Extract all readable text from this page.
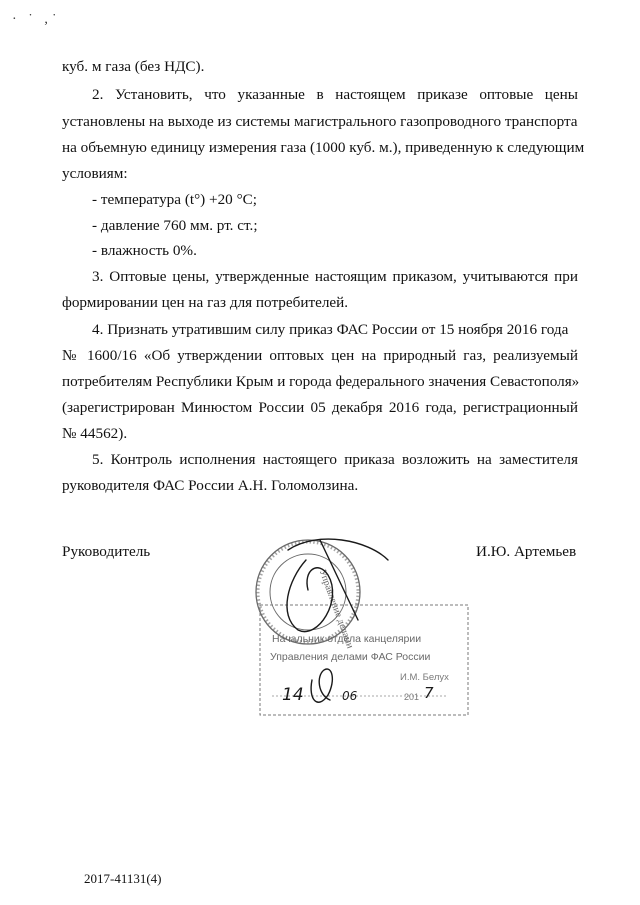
· ˙ ,˙
куб. м газа (без НДС).
2. Установить, что указанные в настоящем приказе оптовые цены
установлены на выходе из системы магистрального газопроводного транспорта
на объемную единицу измерения газа (1000 куб. м.), приведенную к следующим
условиям:
- температура (t°) +20 °С;
- давление 760 мм. рт. ст.;
- влажность 0%.
3. Оптовые цены, утвержденные настоящим приказом, учитываются при
формировании цен на газ для потребителей.
4. Признать утратившим силу приказ ФАС России от 15 ноября 2016 года
№ 1600/16 «Об утверждении оптовых цен на природный газ, реализуемый
потребителям Республики Крым и города федерального значения Севастополя»
(зарегистрирован Минюстом России 05 декабря 2016 года, регистрационный
№ 44562).
5. Контроль исполнения настоящего приказа возложить на заместителя
руководителя ФАС России А.Н. Голомолзина.
Руководитель	И.Ю. Артемьев
Управление делами
Начальник отдела канцелярии
Управления делами ФАС России
И.М. Белух
14	06	201 7
2017-41131(4)
